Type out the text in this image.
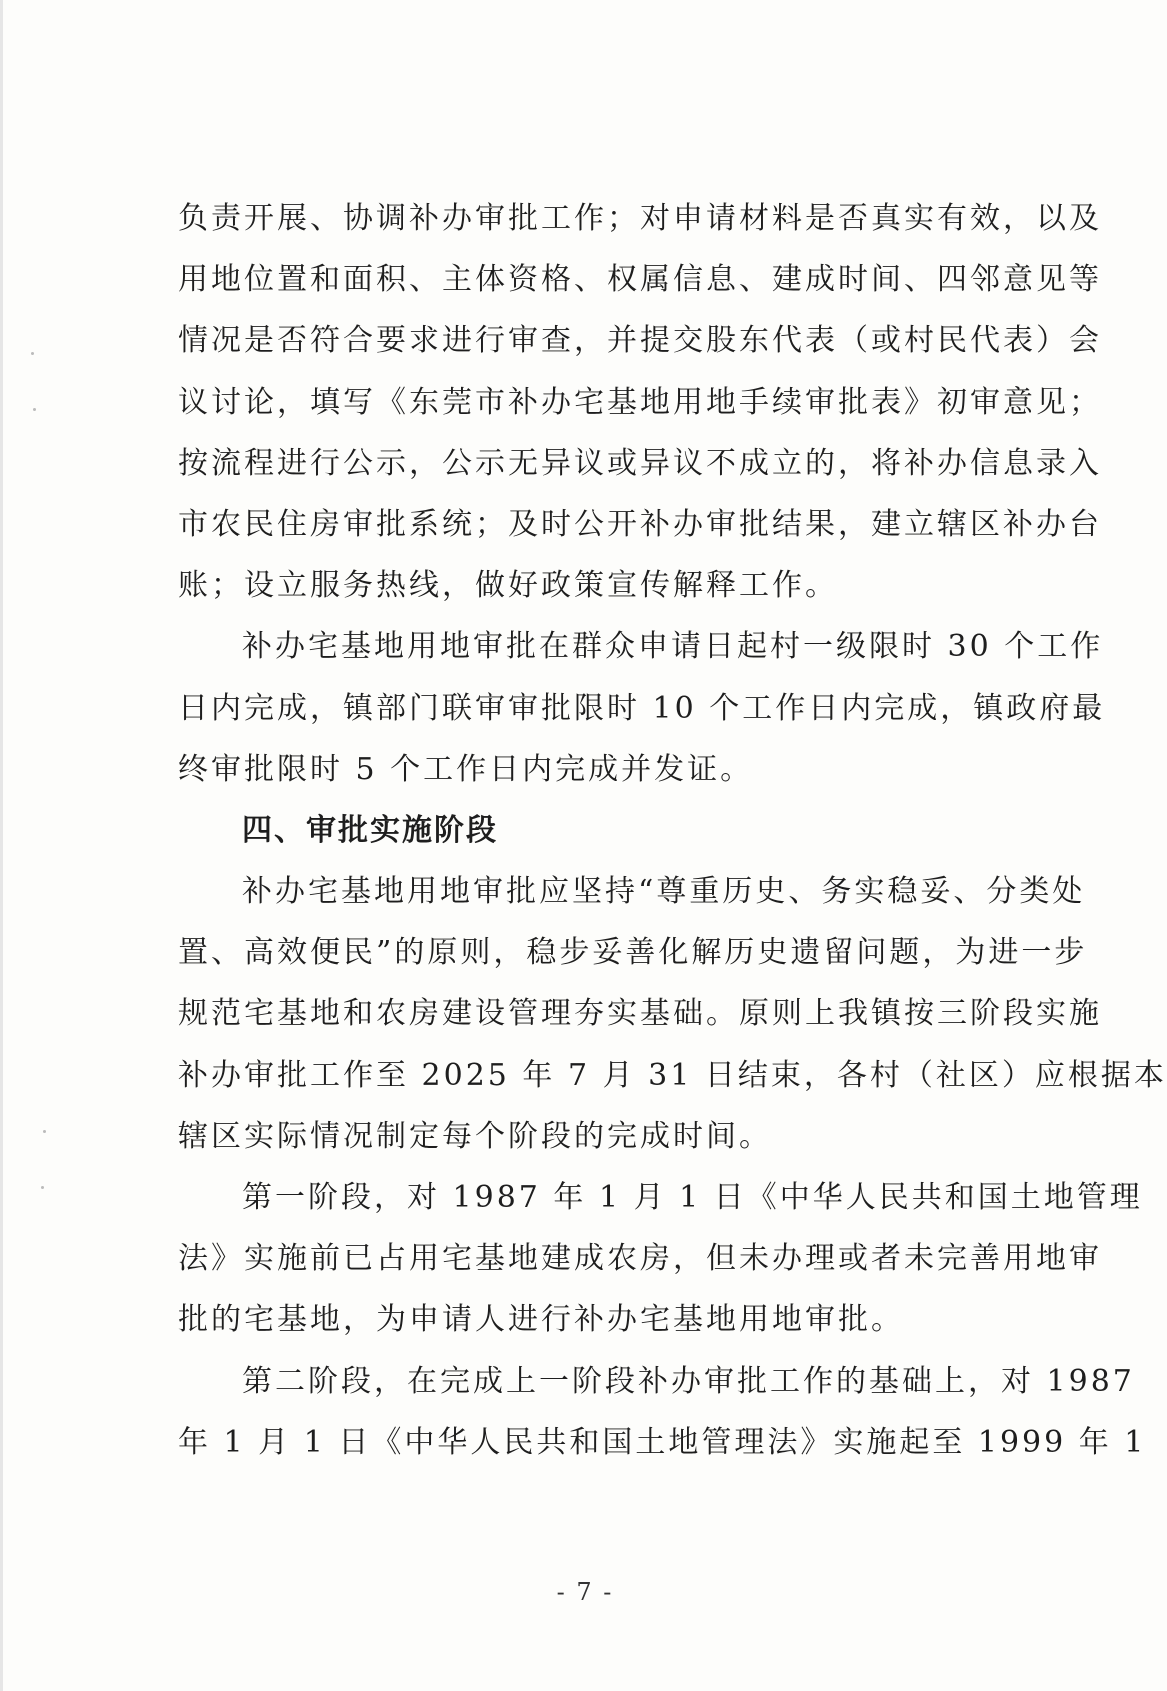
负责开展、协调补办审批工作；对申请材料是否真实有效，以及
用地位置和面积、主体资格、权属信息、建成时间、四邻意见等
情况是否符合要求进行审查，并提交股东代表（或村民代表）会
议讨论，填写《东莞市补办宅基地用地手续审批表》初审意见；
按流程进行公示，公示无异议或异议不成立的，将补办信息录入
市农民住房审批系统；及时公开补办审批结果，建立辖区补办台
账；设立服务热线，做好政策宣传解释工作。
补办宅基地用地审批在群众申请日起村一级限时 30 个工作
日内完成，镇部门联审审批限时 10 个工作日内完成，镇政府最
终审批限时 5 个工作日内完成并发证。
四、审批实施阶段
补办宅基地用地审批应坚持“尊重历史、务实稳妥、分类处
置、高效便民”的原则，稳步妥善化解历史遗留问题，为进一步
规范宅基地和农房建设管理夯实基础。原则上我镇按三阶段实施
补办审批工作至 2025 年 7 月 31 日结束，各村（社区）应根据本
辖区实际情况制定每个阶段的完成时间。
第一阶段，对 1987 年 1 月 1 日《中华人民共和国土地管理
法》实施前已占用宅基地建成农房，但未办理或者未完善用地审
批的宅基地，为申请人进行补办宅基地用地审批。
第二阶段，在完成上一阶段补办审批工作的基础上，对 1987
年 1 月 1 日《中华人民共和国土地管理法》实施起至 1999 年 1
- 7 -
